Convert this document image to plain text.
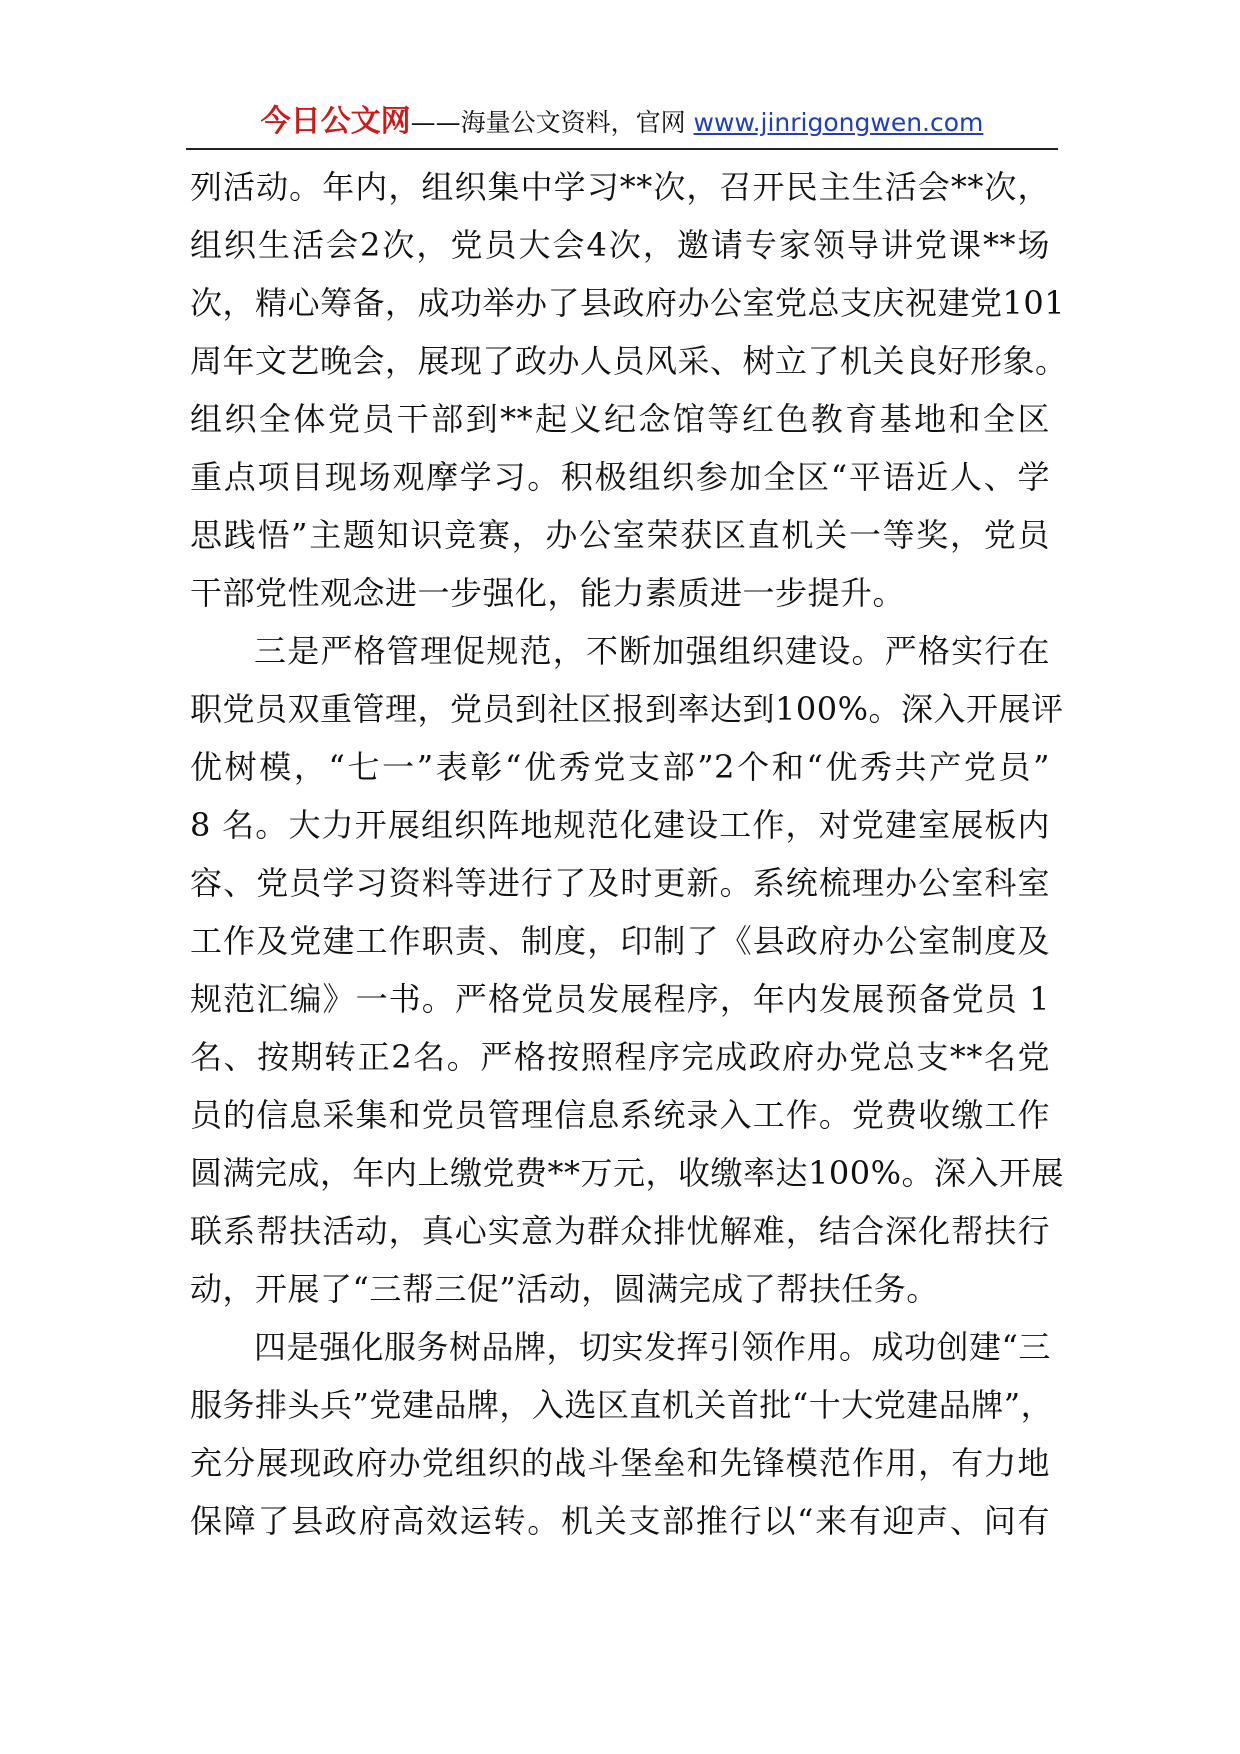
今日公文网——海量公文资料，官网 www.jinrigongwen.com
列活动。年内，组织集中学习**次，召开民主生活会**次，
组织生活会2次，党员大会4次，邀请专家领导讲党课**场
次，精心筹备，成功举办了县政府办公室党总支庆祝建党101
周年文艺晚会，展现了政办人员风采、树立了机关良好形象。
组织全体党员干部到**起义纪念馆等红色教育基地和全区
重点项目现场观摩学习。积极组织参加全区“平语近人、学
思践悟”主题知识竞赛，办公室荣获区直机关一等奖，党员
干部党性观念进一步强化，能力素质进一步提升。
三是严格管理促规范，不断加强组织建设。严格实行在
职党员双重管理，党员到社区报到率达到100%。深入开展评
优树模，“七一”表彰“优秀党支部”2个和“优秀共产党员”
8 名。大力开展组织阵地规范化建设工作，对党建室展板内
容、党员学习资料等进行了及时更新。系统梳理办公室科室
工作及党建工作职责、制度，印制了《县政府办公室制度及
规范汇编》一书。严格党员发展程序，年内发展预备党员 1
名、按期转正2名。严格按照程序完成政府办党总支**名党
员的信息采集和党员管理信息系统录入工作。党费收缴工作
圆满完成，年内上缴党费**万元，收缴率达100%。深入开展
联系帮扶活动，真心实意为群众排忧解难，结合深化帮扶行
动，开展了“三帮三促”活动，圆满完成了帮扶任务。
四是强化服务树品牌，切实发挥引领作用。成功创建“三
服务排头兵”党建品牌，入选区直机关首批“十大党建品牌”，
充分展现政府办党组织的战斗堡垒和先锋模范作用，有力地
保障了县政府高效运转。机关支部推行以“来有迎声、问有
